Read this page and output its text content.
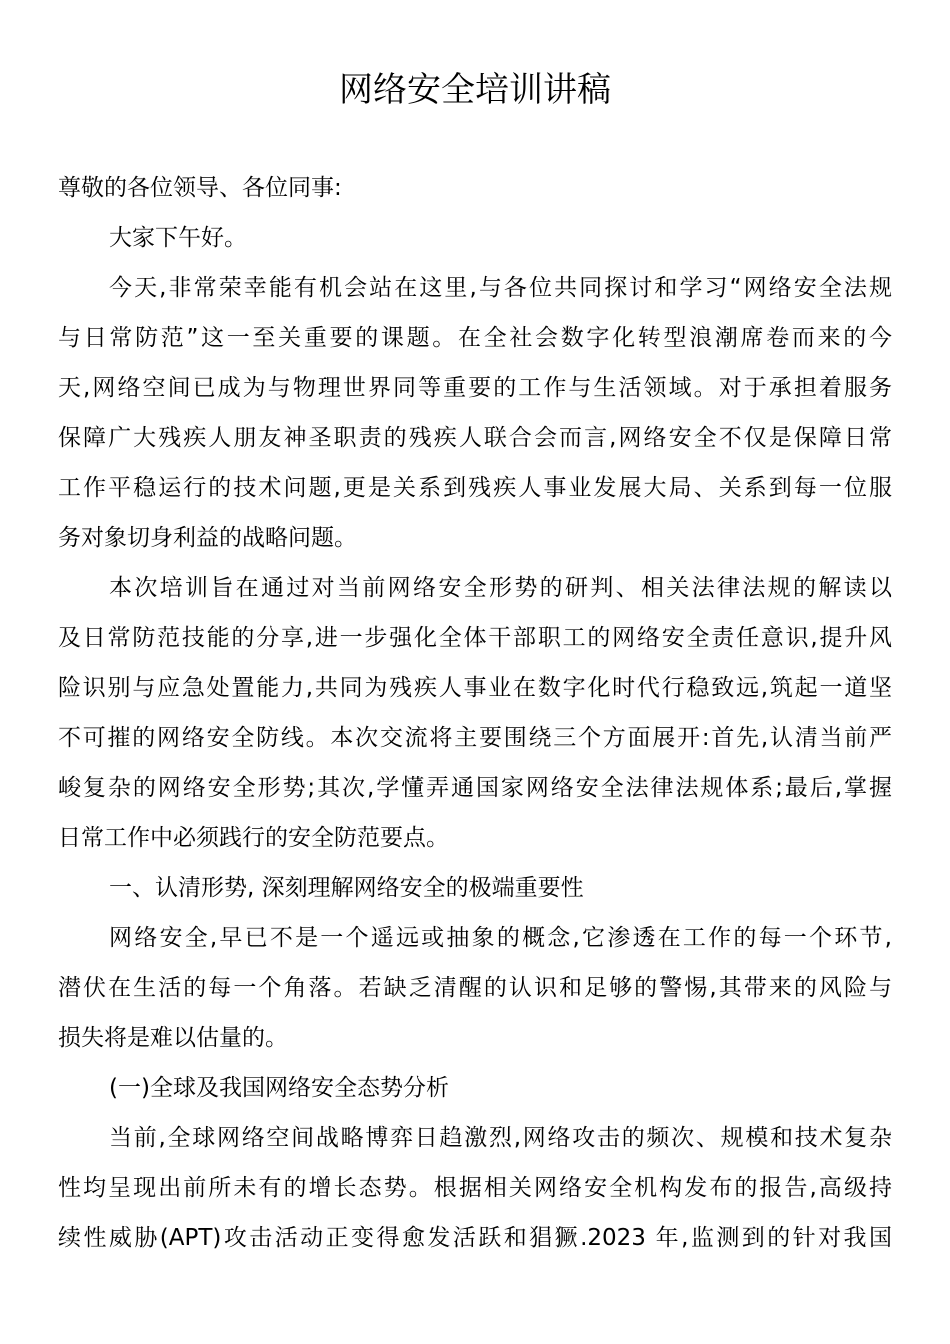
网络安全培训讲稿
尊敬的各位领导、各位同事:
大家下午好。
今天,非常荣幸能有机会站在这里,与各位共同探讨和学习“网络安全法规
与日常防范”这一至关重要的课题。在全社会数字化转型浪潮席卷而来的今
天,网络空间已成为与物理世界同等重要的工作与生活领域。对于承担着服务
保障广大残疾人朋友神圣职责的残疾人联合会而言,网络安全不仅是保障日常
工作平稳运行的技术问题,更是关系到残疾人事业发展大局、关系到每一位服
务对象切身利益的战略问题。
本次培训旨在通过对当前网络安全形势的研判、相关法律法规的解读以
及日常防范技能的分享,进一步强化全体干部职工的网络安全责任意识,提升风
险识别与应急处置能力,共同为残疾人事业在数字化时代行稳致远,筑起一道坚
不可摧的网络安全防线。本次交流将主要围绕三个方面展开:首先,认清当前严
峻复杂的网络安全形势;其次,学懂弄通国家网络安全法律法规体系;最后,掌握
日常工作中必须践行的安全防范要点。
一、认清形势, 深刻理解网络安全的极端重要性
网络安全,早已不是一个遥远或抽象的概念,它渗透在工作的每一个环节,
潜伏在生活的每一个角落。若缺乏清醒的认识和足够的警惕,其带来的风险与
损失将是难以估量的。
(一)全球及我国网络安全态势分析
当前,全球网络空间战略博弈日趋激烈,网络攻击的频次、规模和技术复杂
性均呈现出前所未有的增长态势。根据相关网络安全机构发布的报告,高级持
续性威胁(APT)攻击活动正变得愈发活跃和猖獗.2023 年,监测到的针对我国
